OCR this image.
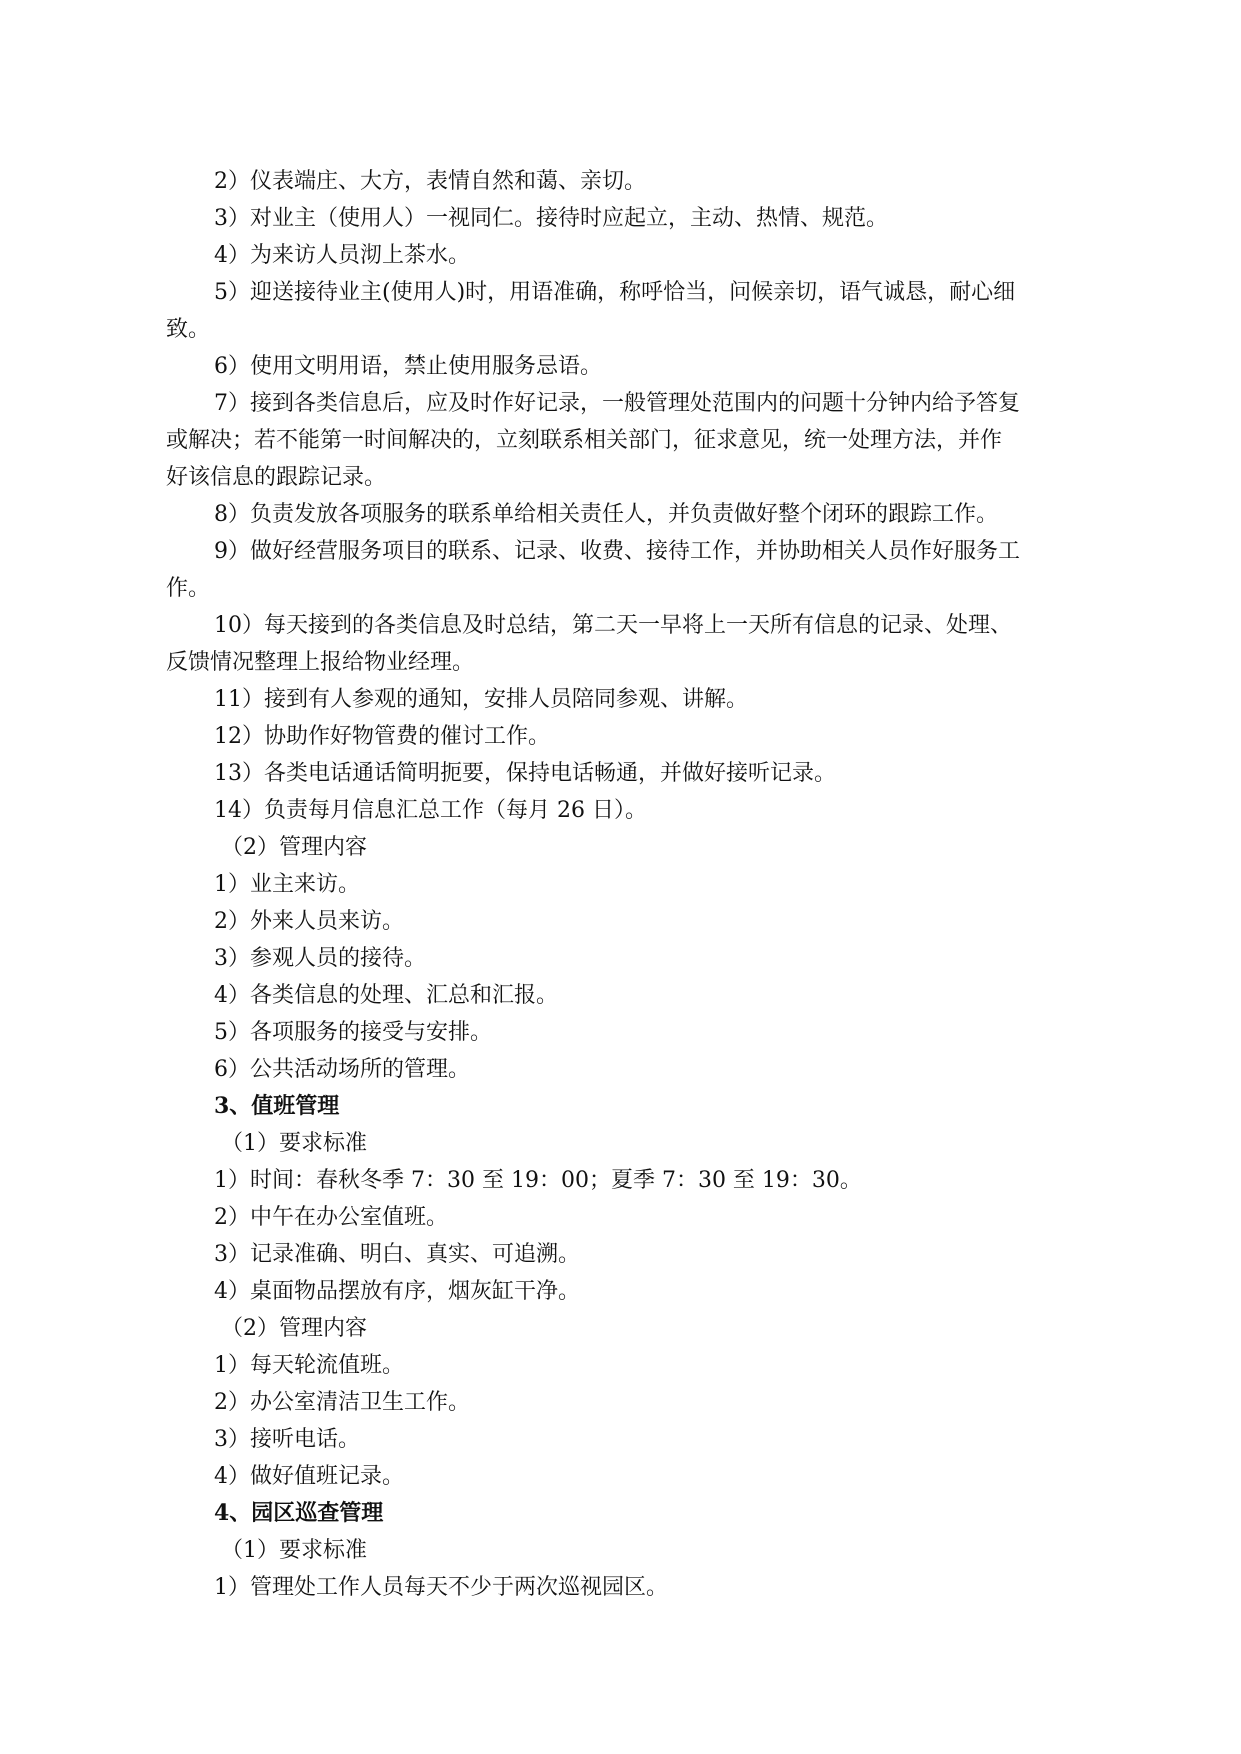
2）仪表端庄、大方，表情自然和蔼、亲切。
3）对业主（使用人）一视同仁。接待时应起立，主动、热情、规范。
4）为来访人员沏上茶水。
5）迎送接待业主(使用人)时，用语准确，称呼恰当，问候亲切，语气诚恳，耐心细
致。
6）使用文明用语，禁止使用服务忌语。
7）接到各类信息后，应及时作好记录，一般管理处范围内的问题十分钟内给予答复
或解决；若不能第一时间解决的，立刻联系相关部门，征求意见，统一处理方法，并作
好该信息的跟踪记录。
8）负责发放各项服务的联系单给相关责任人，并负责做好整个闭环的跟踪工作。
9）做好经营服务项目的联系、记录、收费、接待工作，并协助相关人员作好服务工
作。
10）每天接到的各类信息及时总结，第二天一早将上一天所有信息的记录、处理、
反馈情况整理上报给物业经理。
11）接到有人参观的通知，安排人员陪同参观、讲解。
12）协助作好物管费的催讨工作。
13）各类电话通话简明扼要，保持电话畅通，并做好接听记录。
14）负责每月信息汇总工作（每月 26 日）。
（2）管理内容
1）业主来访。
2）外来人员来访。
3）参观人员的接待。
4）各类信息的处理、汇总和汇报。
5）各项服务的接受与安排。
6）公共活动场所的管理。
3、值班管理
（1）要求标准
1）时间：春秋冬季 7：30 至 19：00；夏季 7：30 至 19：30。
2）中午在办公室值班。
3）记录准确、明白、真实、可追溯。
4）桌面物品摆放有序，烟灰缸干净。
（2）管理内容
1）每天轮流值班。
2）办公室清洁卫生工作。
3）接听电话。
4）做好值班记录。
4、园区巡查管理
（1）要求标准
1）管理处工作人员每天不少于两次巡视园区。
